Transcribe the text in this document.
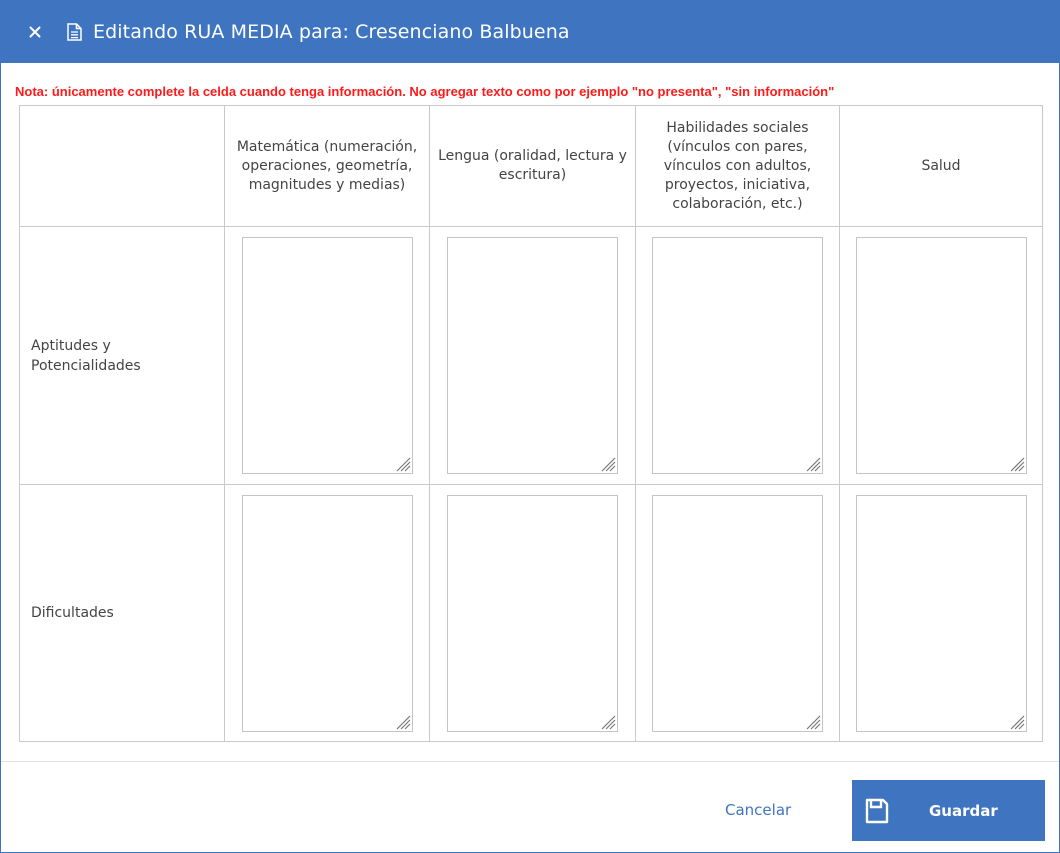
Editando RUA MEDIA para: Cresenciano Balbuena
Nota: únicamente complete la celda cuando tenga información. No agregar texto como por ejemplo "no presenta", "sin información"
	Matemática (numeración, operaciones, geometría, magnitudes y medias)	Lengua (oralidad, lectura y escritura)	Habilidades sociales (vínculos con pares, vínculos con adultos, proyectos, iniciativa, colaboración, etc.)	Salud

Aptitudes y Potencialidades

Dificultades	

Cancelar	Guardar
